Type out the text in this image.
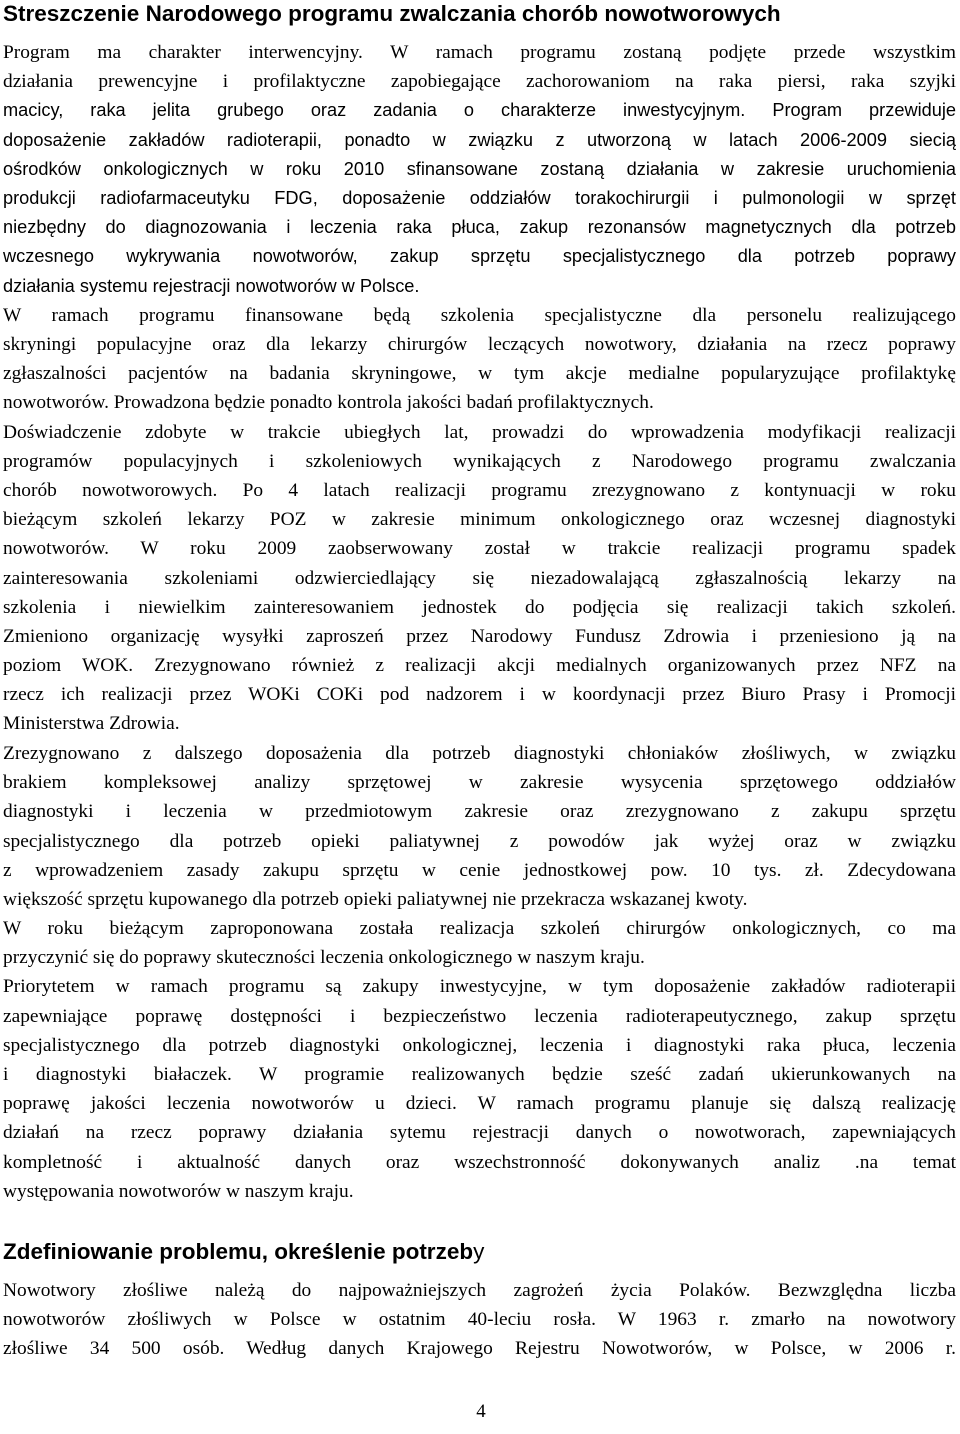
Streszczenie Narodowego programu zwalczania chorób nowotworowych
Program ma charakter interwencyjny. W ramach programu zostaną podjęte przede wszystkim
działania prewencyjne i profilaktyczne zapobiegające zachorowaniom na raka piersi, raka szyjki
macicy, raka jelita grubego oraz zadania o charakterze inwestycyjnym. Program przewiduje
doposażenie zakładów radioterapii, ponadto w związku z utworzoną w latach 2006-2009 siecią
ośrodków onkologicznych w roku 2010 sfinansowane zostaną działania w zakresie uruchomienia
produkcji radiofarmaceutyku FDG, doposażenie oddziałów torakochirurgii i pulmonologii w sprzęt
niezbędny do diagnozowania i leczenia raka płuca, zakup rezonansów magnetycznych dla potrzeb
wczesnego wykrywania nowotworów, zakup sprzętu specjalistycznego dla potrzeb poprawy
działania systemu rejestracji nowotworów w Polsce.
W ramach programu finansowane będą szkolenia specjalistyczne dla personelu realizującego
skryningi populacyjne oraz dla lekarzy chirurgów leczących nowotwory, działania na rzecz poprawy
zgłaszalności pacjentów na badania skryningowe, w tym akcje medialne popularyzujące profilaktykę
nowotworów. Prowadzona będzie ponadto kontrola jakości badań profilaktycznych.
Doświadczenie zdobyte w trakcie ubiegłych lat, prowadzi do wprowadzenia modyfikacji realizacji
programów populacyjnych i szkoleniowych wynikających z Narodowego programu zwalczania
chorób nowotworowych. Po 4 latach realizacji programu zrezygnowano z kontynuacji w roku
bieżącym szkoleń lekarzy POZ w zakresie minimum onkologicznego oraz wczesnej diagnostyki
nowotworów. W roku 2009 zaobserwowany został w trakcie realizacji programu spadek
zainteresowania szkoleniami odzwierciedlający się niezadowalającą zgłaszalnością lekarzy na
szkolenia i niewielkim zainteresowaniem jednostek do podjęcia się realizacji takich szkoleń.
Zmieniono organizację wysyłki zaproszeń przez Narodowy Fundusz Zdrowia i przeniesiono ją na
poziom WOK. Zrezygnowano również z realizacji akcji medialnych organizowanych przez NFZ na
rzecz ich realizacji przez WOKi COKi pod nadzorem i w koordynacji przez Biuro Prasy i Promocji
Ministerstwa Zdrowia.
Zrezygnowano z dalszego doposażenia dla potrzeb diagnostyki chłoniaków złośliwych, w związku
brakiem kompleksowej analizy sprzętowej w zakresie wysycenia sprzętowego oddziałów
diagnostyki i leczenia w przedmiotowym zakresie oraz zrezygnowano z zakupu sprzętu
specjalistycznego dla potrzeb opieki paliatywnej z powodów jak wyżej oraz w związku
z wprowadzeniem zasady zakupu sprzętu w cenie jednostkowej pow. 10 tys. zł. Zdecydowana
większość sprzętu kupowanego dla potrzeb opieki paliatywnej nie przekracza wskazanej kwoty.
W roku bieżącym zaproponowana została realizacja szkoleń chirurgów onkologicznych, co ma
przyczynić się do poprawy skuteczności leczenia onkologicznego w naszym kraju.
Priorytetem w ramach programu są zakupy inwestycyjne, w tym doposażenie zakładów radioterapii
zapewniające poprawę dostępności i bezpieczeństwo leczenia radioterapeutycznego, zakup sprzętu
specjalistycznego dla potrzeb diagnostyki onkologicznej, leczenia i diagnostyki raka płuca, leczenia
i diagnostyki białaczek. W programie realizowanych będzie sześć zadań ukierunkowanych na
poprawę jakości leczenia nowotworów u dzieci. W ramach programu planuje się dalszą realizację
działań na rzecz poprawy działania sytemu rejestracji danych o nowotworach, zapewniających
kompletność i aktualność danych oraz wszechstronność dokonywanych analiz .na temat
występowania nowotworów w naszym kraju.
Zdefiniowanie problemu, określenie potrzeby
Nowotwory złośliwe należą do najpoważniejszych zagrożeń życia Polaków. Bezwzględna liczba
nowotworów złośliwych w Polsce w ostatnim 40-leciu rosła. W 1963 r. zmarło na nowotwory
złośliwe 34 500 osób. Według danych Krajowego Rejestru Nowotworów, w Polsce, w 2006 r.
4
